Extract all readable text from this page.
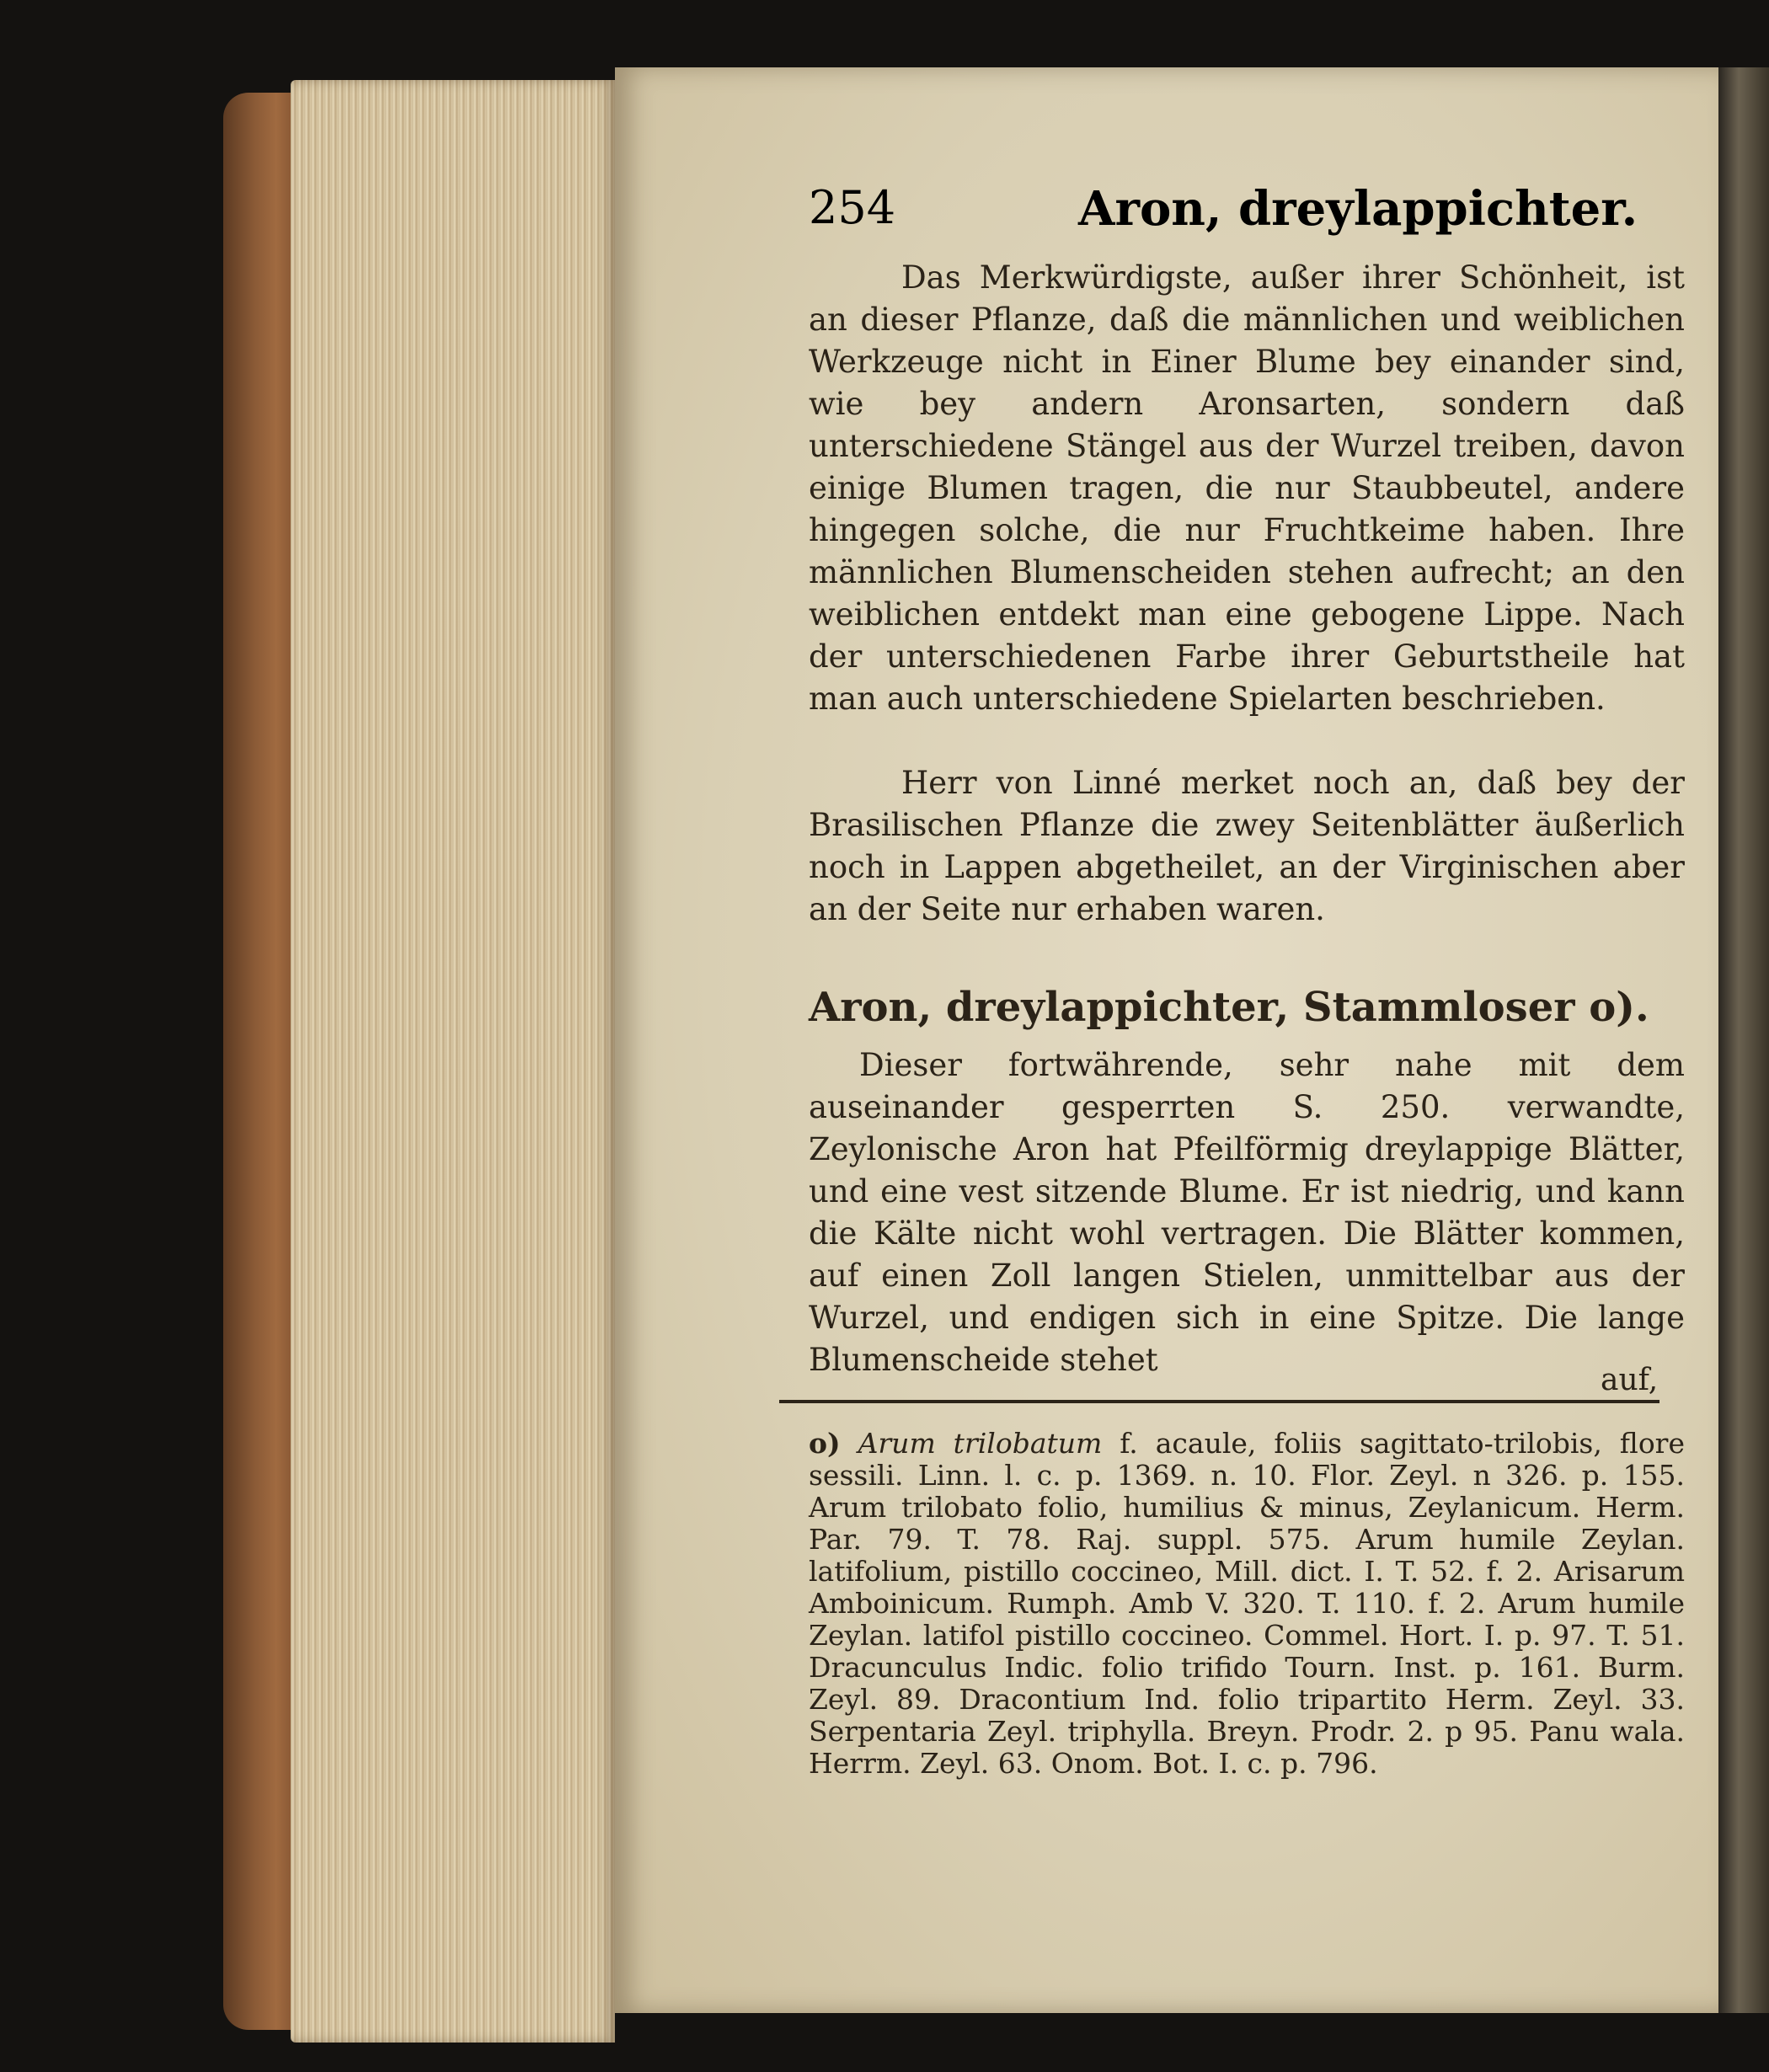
254	Aron, dreylappichter.

Das Merkwürdigste, außer ihrer Schönheit, ist an dieser Pflanze, daß die männlichen und weiblichen Werkzeuge nicht in Einer Blume bey einander sind, wie bey andern Aronsarten, sondern daß unterschiedene Stängel aus der Wurzel treiben, davon einige Blumen tragen, die nur Staubbeutel, andere hingegen solche, die nur Fruchtkeime haben. Ihre männlichen Blumenscheiden stehen aufrecht; an den weiblichen entdekt man eine gebogene Lippe. Nach der unterschiedenen Farbe ihrer Geburtstheile hat man auch unterschiedene Spielarten beschrieben.

Herr von Linné merket noch an, daß bey der Brasilischen Pflanze die zwey Seitenblätter äußerlich noch in Lappen abgetheilet, an der Virginischen aber an der Seite nur erhaben waren.

Aron, dreylappichter, Stammloser o).

Dieser fortwährende, sehr nahe mit dem auseinander gesperrten S. 250. verwandte, Zeylonische Aron hat Pfeilförmig dreylappige Blätter, und eine vest sitzende Blume. Er ist niedrig, und kann die Kälte nicht wohl vertragen. Die Blätter kommen, auf einen Zoll langen Stielen, unmittelbar aus der Wurzel, und endigen sich in eine Spitze. Die lange Blumenscheide stehet

auf,

o) Arum trilobatum f. acaule, foliis sagittato-trilobis, flore sessili. Linn. l. c. p. 1369. n. 10. Flor. Zeyl. n 326. p. 155. Arum trilobato folio, humilius & minus, Zeylanicum. Herm. Par. 79. T. 78. Raj. suppl. 575. Arum humile Zeylan. latifolium, pistillo coccineo, Mill. dict. I. T. 52. f. 2. Arisarum Amboinicum. Rumph. Amb V. 320. T. 110. f. 2. Arum humile Zeylan. latifol pistillo coccineo. Commel. Hort. I. p. 97. T. 51. Dracunculus Indic. folio trifido Tourn. Inst. p. 161. Burm. Zeyl. 89. Dracontium Ind. folio tripartito Herm. Zeyl. 33. Serpentaria Zeyl. triphylla. Breyn. Prodr. 2. p 95. Panu wala. Herrm. Zeyl. 63. Onom. Bot. I. c. p. 796.
